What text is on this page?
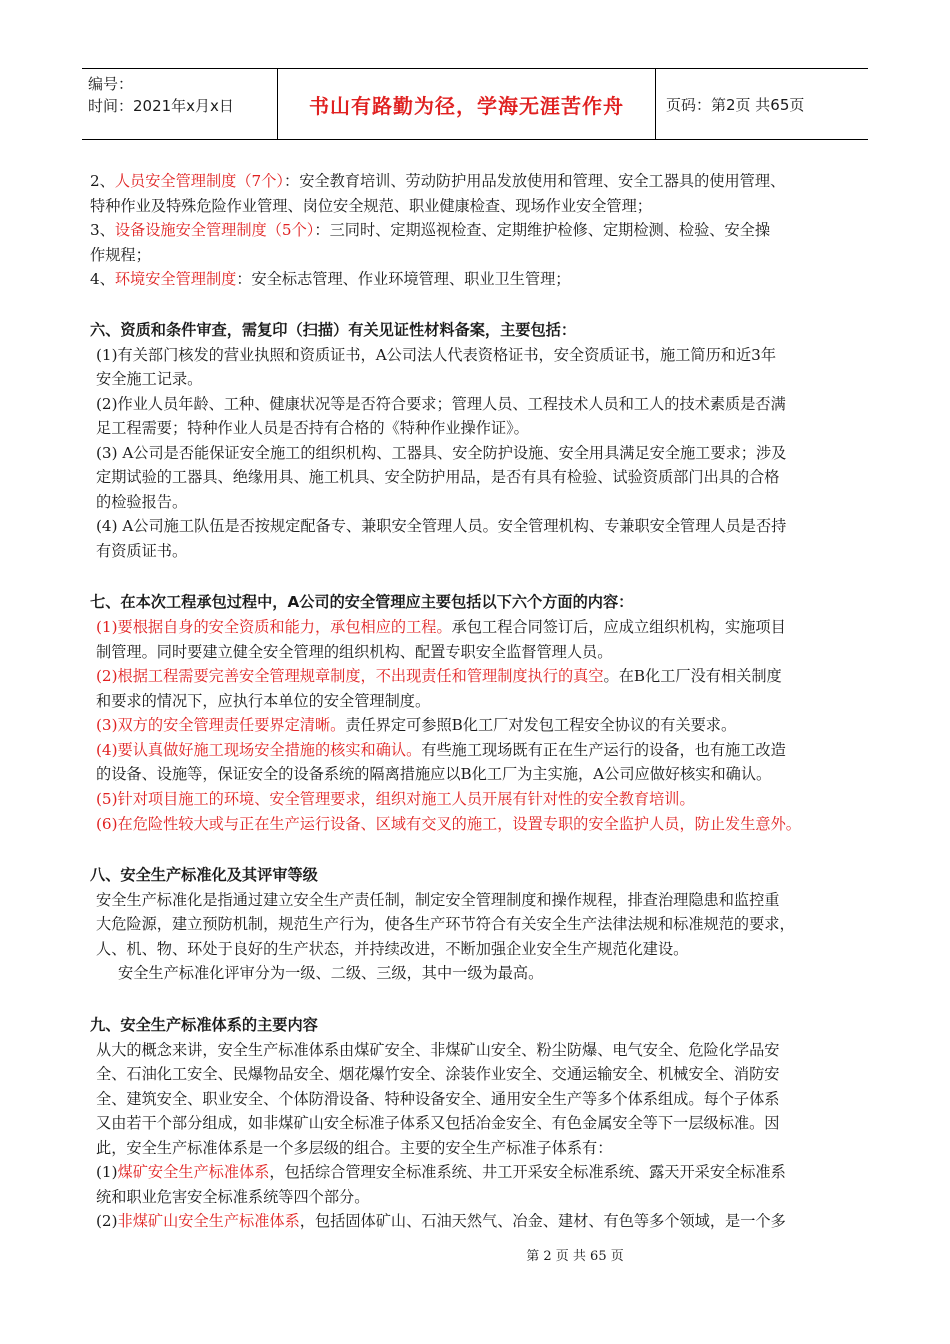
编号：
时间：2021年x月x日	书山有路勤为径，学海无涯苦作舟	页码：第2页 共65页
2、人员安全管理制度（7个）：安全教育培训、劳动防护用品发放使用和管理、安全工器具的使用管理、
特种作业及特殊危险作业管理、岗位安全规范、职业健康检查、现场作业安全管理；
3、设备设施安全管理制度（5个）：三同时、定期巡视检查、定期维护检修、定期检测、检验、安全操
作规程；
4、环境安全管理制度：安全标志管理、作业环境管理、职业卫生管理；
六、资质和条件审查，需复印（扫描）有关见证性材料备案，主要包括：
(1)有关部门核发的营业执照和资质证书，A公司法人代表资格证书，安全资质证书，施工简历和近3年
安全施工记录。
(2)作业人员年龄、工种、健康状况等是否符合要求；管理人员、工程技术人员和工人的技术素质是否满
足工程需要；特种作业人员是否持有合格的《特种作业操作证》。
(3) A公司是否能保证安全施工的组织机构、工器具、安全防护设施、安全用具满足安全施工要求；涉及
定期试验的工器具、绝缘用具、施工机具、安全防护用品，是否有具有检验、试验资质部门出具的合格
的检验报告。
(4) A公司施工队伍是否按规定配备专、兼职安全管理人员。安全管理机构、专兼职安全管理人员是否持
有资质证书。
七、在本次工程承包过程中，A公司的安全管理应主要包括以下六个方面的内容：
(1)要根据自身的安全资质和能力，承包相应的工程。承包工程合同签订后，应成立组织机构，实施项目
制管理。同时要建立健全安全管理的组织机构、配置专职安全监督管理人员。
(2)根据工程需要完善安全管理规章制度，不出现责任和管理制度执行的真空。在B化工厂没有相关制度
和要求的情况下，应执行本单位的安全管理制度。
(3)双方的安全管理责任要界定清晰。责任界定可参照B化工厂对发包工程安全协议的有关要求。
(4)要认真做好施工现场安全措施的核实和确认。有些施工现场既有正在生产运行的设备，也有施工改造
的设备、设施等，保证安全的设备系统的隔离措施应以B化工厂为主实施，A公司应做好核实和确认。
(5)针对项目施工的环境、安全管理要求，组织对施工人员开展有针对性的安全教育培训。
(6)在危险性较大或与正在生产运行设备、区域有交叉的施工，设置专职的安全监护人员，防止发生意外。
八、安全生产标准化及其评审等级
安全生产标准化是指通过建立安全生产责任制，制定安全管理制度和操作规程，排查治理隐患和监控重
大危险源，建立预防机制，规范生产行为，使各生产环节符合有关安全生产法律法规和标准规范的要求，
人、机、物、环处于良好的生产状态，并持续改进，不断加强企业安全生产规范化建设。
安全生产标准化评审分为一级、二级、三级，其中一级为最高。
九、安全生产标准体系的主要内容
从大的概念来讲，安全生产标准体系由煤矿安全、非煤矿山安全、粉尘防爆、电气安全、危险化学品安
全、石油化工安全、民爆物品安全、烟花爆竹安全、涂装作业安全、交通运输安全、机械安全、消防安
全、建筑安全、职业安全、个体防滑设备、特种设备安全、通用安全生产等多个体系组成。每个子体系
又由若干个部分组成，如非煤矿山安全标准子体系又包括冶金安全、有色金属安全等下一层级标准。因
此，安全生产标准体系是一个多层级的组合。主要的安全生产标准子体系有：
(1)煤矿安全生产标准体系，包括综合管理安全标准系统、井工开采安全标准系统、露天开采安全标准系
统和职业危害安全标准系统等四个部分。
(2)非煤矿山安全生产标准体系，包括固体矿山、石油天然气、冶金、建材、有色等多个领域，是一个多
第 2 页 共 65 页
